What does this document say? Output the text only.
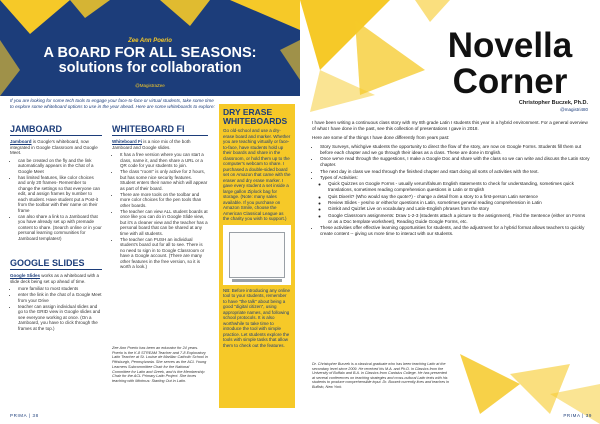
Zee Ann Poerio
A BOARD FOR ALL SEASONS:
solutions for collaboration
@MagistraZee
If you are looking for some tech tools to engage your face-to-face or virtual students, take some time to explore some whiteboard options to use in the year ahead. Here are some whiteboards to explore:
JAMBOARD

Jamboard is Google's whiteboard, now integrated in Google Classroom and Google Meet.

• can be created on the fly and the link automatically appears in the Chat of a Google Meet
• has limited features, like color choices and only 20 frames- Remember to change the settings so that everyone can edit, and assign frames by number to each student. Have student put a Post-it from the toolbar with their name on their frame
• can also share a link to a Jamboard that you have already set up with premade content to share. (Search online or in your personal learning communities for Jamboard templates!)
GOOGLE SLIDES

Google Slides works as a whiteboard with a slide deck being set up ahead of time.

• more familiar to most students
• enter the link in the chat of a Google Meet from your Drive
• teacher can assign individual slides and go to the GRID view in Google slides and see everyone working at once. (On a Jamboard, you have to click through the frames at the top.)
WHITEBOARD FI

Whiteboard Fi is a nice mix of the both Jamboard and Google slides.

• It has a free version where you can start a class, name it, and then share a URL or a QR code for your students to join.
• The class "room" is only active for 2 hours, but has some nice security features. Student enters their name which will appear as part of their board.
• There are more tools on the toolbar and more color choices for the pen tools than other boards.
• The teacher can view ALL student boards at once like you can do in Google Slide view, but it's a cleaner view and the teacher has a personal board that can be shared at any time with all students.
• The teacher can PUSH an individual student's board out for all to see. There is no need to sign in to Google Classroom or have a Google account. (There are many other features in the free version, so it is worth a look.)
Zee Ann Poerio has been an educator for 24 years. Poerio is the K-8 STREAM Teacher and 7-8 Exploratory Latin Teacher at St. Louise de Marillac Catholic School in Pittsburgh, Pennsylvania. She serves as the ACL Young Learners Subcommittee Chair for the National Committee for Latin and Greek, and is the Membership Chair for the ACL Primary Latin Project. She loves teaching with Minimus: Starting Out in Latin.
DRY ERASE
WHITEBOARDS

Go old-school and use a dry-erase board and marker. Whether you are teaching virtually or face-to-face, have students hold up their boards and share in the classroom, or hold them up to the computer's webcam to share. I purchased a double-sided board set on Amazon that came with the eraser and dry erase marker. I gave every student a set inside a large gallon Ziplock bag for storage. (Note: many sales available. If you purchase on Amazon Smile, choose the American Classical League as the charity you wish to support.)

NB: Before introducing any online tool to your students, remember to have "the talk" about being a good "digital citizen", using appropriate names, and following school protocols. It is also worthwhile to take time to introduce the tool with simple practice. Let students explore the tools with simple tasks that allow them to check out the features.

PRIMA | 38
Novella
Corner
Christopher Buczek, Ph.D.
@magistri480

I have been writing a continuous class story with my 8th grade Latin I students this year in a hybrid environment. For a general overview of what I have done in the past, see this collection of presentations I gave in 2018.

Here are some of the things I have done differently from years past:

• Story Surveys, whichgive students the opportunity to direct the flow of the story, are now on Google Forms. Students fill them out before each chapter and we go through their ideas as a class. These are done in English.
• Once we've read through the suggestions, I make a Google Doc and share with the class so we can write and discuss the Latin story chapter.
• The next day in class we read through the finished chapter and start doing all sorts of activities with the text.
• Types of Activities:
◦ Quick Quizzes on Google Forms - usually verum/falsum English statements to check for understanding, sometimes quick translations, sometimes reading comprehension questions in Latin or English
◦ Quis Dixerit? (Who would say the quote?) - change a detail from a story to a first-person Latin sentence
◦ Review Slides - yes/no or either/or questions in Latin, sometimes general reading comprehension in Latin
◦ Gimkit and Quizlet Live on vocabulary and Latin-English phrases from the story
◦ Google Classroom assignments: Draw 1-2-3 (students attach a picture to the assignment), Find the Sentence (either on Forms or as a Doc template worksheet), Reading Guide Google Forms, etc.
• These activities offer effective learning opportunities for students, and the adjustment for a hybrid format allows teachers to quickly create content -- giving us more time to interact with our students.
Dr. Christopher Buczek is a classical graduate who has been teaching Latin at the secondary level since 2009. He received his M.A. and Ph.D. in Classics from the University of Buffalo and B.A. in Classics from Canisius College. He has presented at several conferences on teaching strategies and cross-cultural Latin texts with his students to produce comprehensible input. Dr. Buczek currently lives and teaches in Buffalo, New York.
PRIMA | 39
